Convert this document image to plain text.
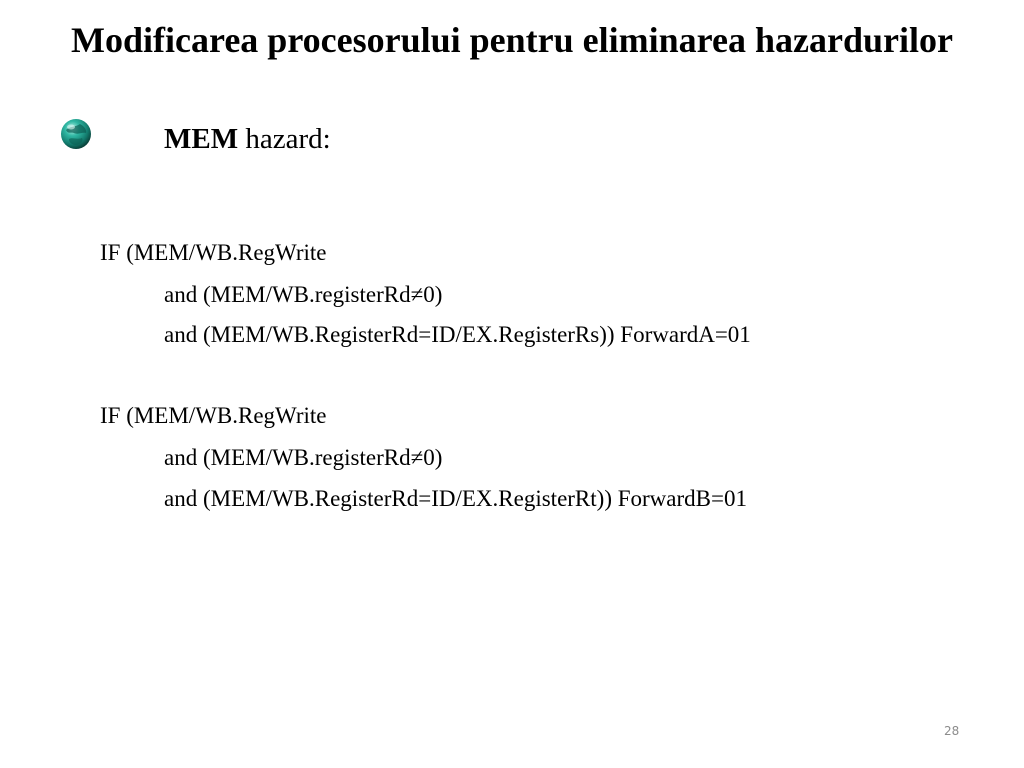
Modificarea procesorului pentru eliminarea hazardurilor
MEM hazard:
IF (MEM/WB.RegWrite
and (MEM/WB.registerRd≠0)
and (MEM/WB.RegisterRd=ID/EX.RegisterRs)) ForwardA=01
IF (MEM/WB.RegWrite
and (MEM/WB.registerRd≠0)
and (MEM/WB.RegisterRd=ID/EX.RegisterRt)) ForwardB=01
28
